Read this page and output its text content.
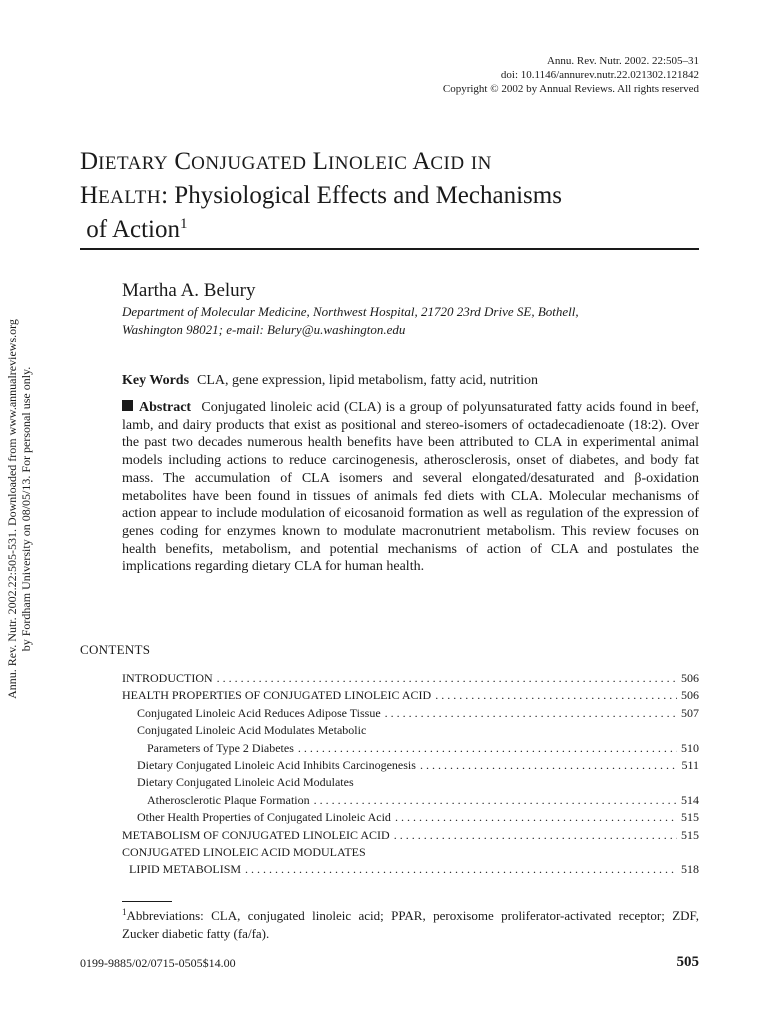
Annu. Rev. Nutr. 2002. 22:505–31
doi: 10.1146/annurev.nutr.22.021302.121842
Copyright © 2002 by Annual Reviews. All rights reserved
DIETARY CONJUGATED LINOLEIC ACID IN
HEALTH: Physiological Effects and Mechanisms
of Action$^1$
Martha A. Belury
Department of Molecular Medicine, Northwest Hospital, 21720 23rd Drive SE, Bothell,
Washington 98021; e-mail: Belury@u.washington.edu
Key Words CLA, gene expression, lipid metabolism, fatty acid, nutrition
Abstract Conjugated linoleic acid (CLA) is a group of polyunsaturated fatty acids found in beef, lamb, and dairy products that exist as positional and stereo-isomers of octadecadienoate (18:2). Over the past two decades numerous health benefits have been attributed to CLA in experimental animal models including actions to reduce carcinogenesis, atherosclerosis, onset of diabetes, and body fat mass. The accumulation of CLA isomers and several elongated/desaturated and β-oxidation metabolites have been found in tissues of animals fed diets with CLA. Molecular mechanisms of action appear to include modulation of eicosanoid formation as well as regulation of the expression of genes coding for enzymes known to modulate macronutrient metabolism. This review focuses on health benefits, metabolism, and potential mechanisms of action of CLA and postulates the implications regarding dietary CLA for human health.
CONTENTS
INTRODUCTION . . .	506
HEALTH PROPERTIES OF CONJUGATED LINOLEIC ACID . . .	506
Conjugated Linoleic Acid Reduces Adipose Tissue . . .	507
Conjugated Linoleic Acid Modulates Metabolic
Parameters of Type 2 Diabetes . . .	510
Dietary Conjugated Linoleic Acid Inhibits Carcinogenesis . . .	511
Dietary Conjugated Linoleic Acid Modulates
Atherosclerotic Plaque Formation . . .	514
Other Health Properties of Conjugated Linoleic Acid . . .	515
METABOLISM OF CONJUGATED LINOLEIC ACID . . .	515
CONJUGATED LINOLEIC ACID MODULATES
LIPID METABOLISM . . .	518
$^1$Abbreviations: CLA, conjugated linoleic acid; PPAR, peroxisome proliferator-activated receptor; ZDF, Zucker diabetic fatty (fa/fa).
0199-9885/02/0715-0505$14.00	505
Annu. Rev. Nutr. 2002.22:505-531. Downloaded from www.annualreviews.org by Fordham University on 08/05/13. For personal use only.
